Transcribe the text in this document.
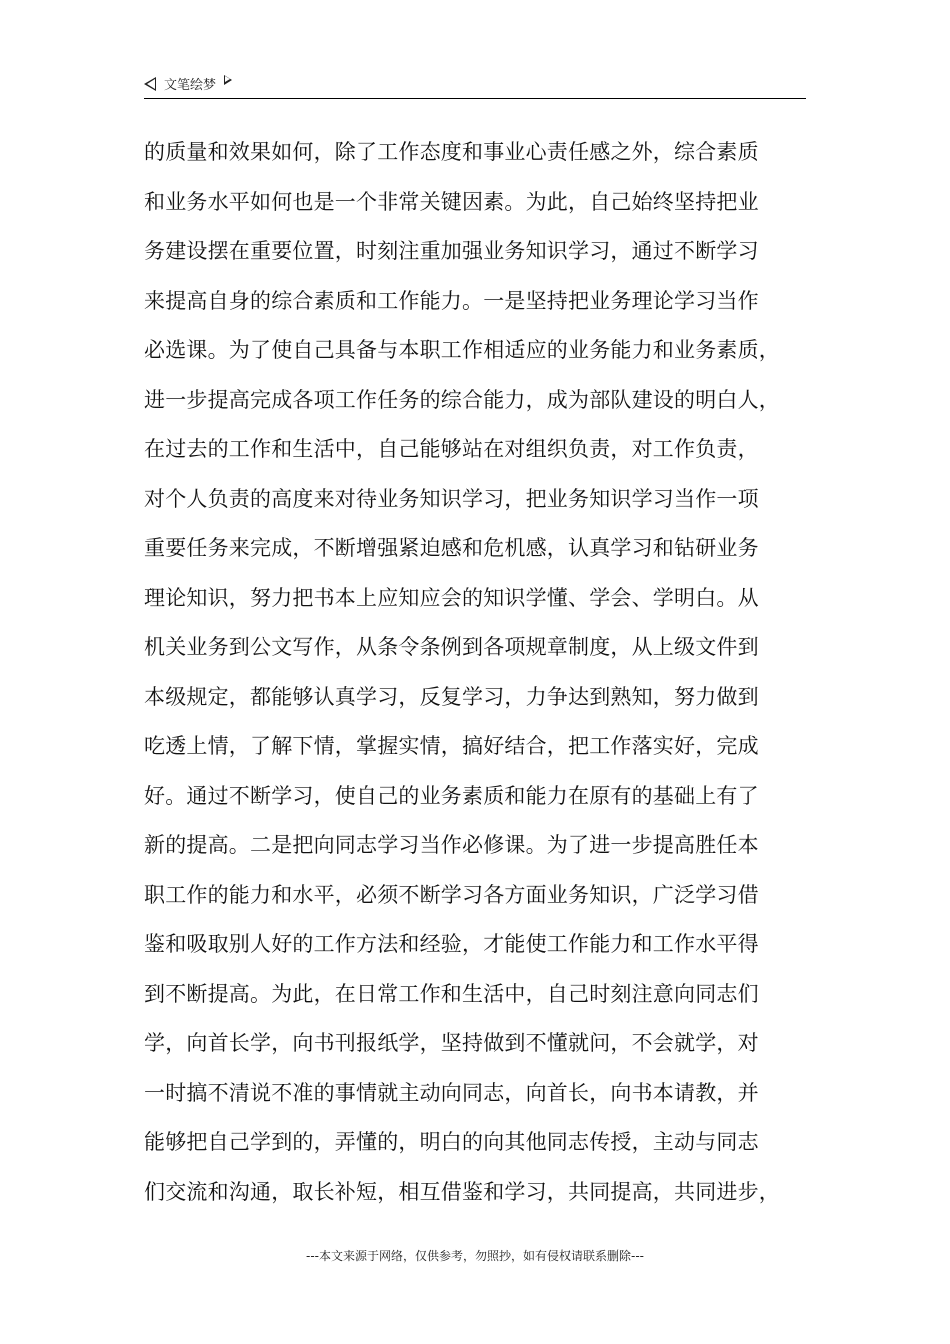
文笔绘梦
的质量和效果如何，除了工作态度和事业心责任感之外，综合素质
和业务水平如何也是一个非常关键因素。为此，自己始终坚持把业
务建设摆在重要位置，时刻注重加强业务知识学习，通过不断学习
来提高自身的综合素质和工作能力。一是坚持把业务理论学习当作
必选课。为了使自己具备与本职工作相适应的业务能力和业务素质，
进一步提高完成各项工作任务的综合能力，成为部队建设的明白人，
在过去的工作和生活中，自己能够站在对组织负责，对工作负责，
对个人负责的高度来对待业务知识学习，把业务知识学习当作一项
重要任务来完成，不断增强紧迫感和危机感，认真学习和钻研业务
理论知识，努力把书本上应知应会的知识学懂、学会、学明白。从
机关业务到公文写作，从条令条例到各项规章制度，从上级文件到
本级规定，都能够认真学习，反复学习，力争达到熟知，努力做到
吃透上情，了解下情，掌握实情，搞好结合，把工作落实好，完成
好。通过不断学习，使自己的业务素质和能力在原有的基础上有了
新的提高。二是把向同志学习当作必修课。为了进一步提高胜任本
职工作的能力和水平，必须不断学习各方面业务知识，广泛学习借
鉴和吸取别人好的工作方法和经验，才能使工作能力和工作水平得
到不断提高。为此，在日常工作和生活中，自己时刻注意向同志们
学，向首长学，向书刊报纸学，坚持做到不懂就问，不会就学，对
一时搞不清说不准的事情就主动向同志，向首长，向书本请教，并
能够把自己学到的，弄懂的，明白的向其他同志传授，主动与同志
们交流和沟通，取长补短，相互借鉴和学习，共同提高，共同进步，
---本文来源于网络，仅供参考，勿照抄，如有侵权请联系删除---
